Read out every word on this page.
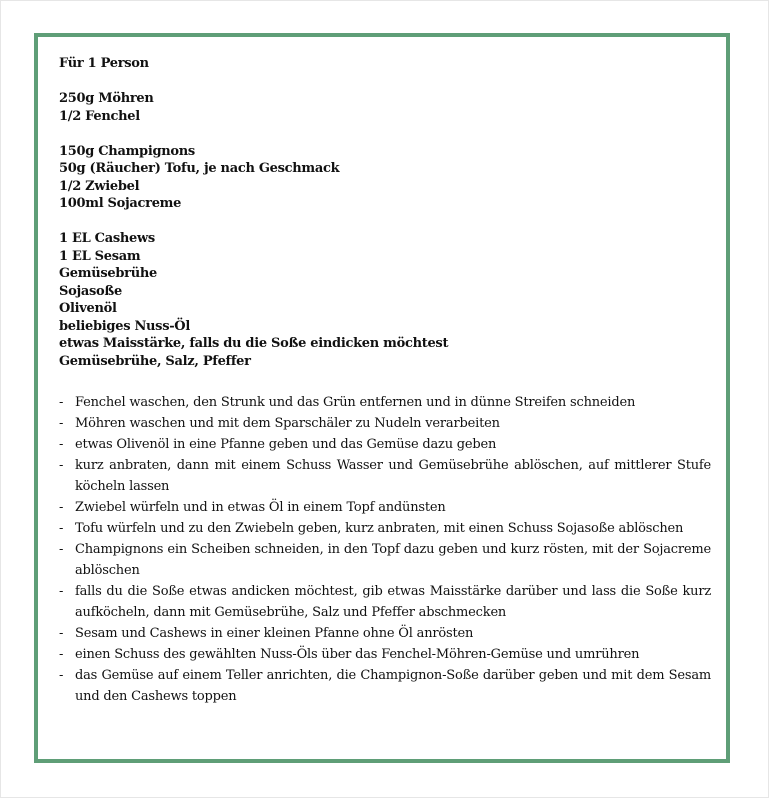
Für 1 Person
250g Möhren
1/2 Fenchel
150g Champignons
50g (Räucher) Tofu, je nach Geschmack
1/2 Zwiebel
100ml Sojacreme
1 EL Cashews
1 EL Sesam
Gemüsebrühe
Sojasoße
Olivenöl
beliebiges Nuss-Öl
etwas Maisstärke, falls du die Soße eindicken möchtest
Gemüsebrühe, Salz, Pfeffer
- Fenchel waschen, den Strunk und das Grün entfernen und in dünne Streifen schneiden
- Möhren waschen und mit dem Sparschäler zu Nudeln verarbeiten
- etwas Olivenöl in eine Pfanne geben und das Gemüse dazu geben
- kurz anbraten, dann mit einem Schuss Wasser und Gemüsebrühe ablöschen, auf mittlerer Stufe köcheln lassen
- Zwiebel würfeln und in etwas Öl in einem Topf andünsten
- Tofu würfeln und zu den Zwiebeln geben, kurz anbraten, mit einen Schuss Sojasoße ablöschen
- Champignons ein Scheiben schneiden, in den Topf dazu geben und kurz rösten, mit der Sojacreme ablöschen
- falls du die Soße etwas andicken möchtest, gib etwas Maisstärke darüber und lass die Soße kurz aufköcheln, dann mit Gemüsebrühe, Salz und Pfeffer abschmecken
- Sesam und Cashews in einer kleinen Pfanne ohne Öl anrösten
- einen Schuss des gewählten Nuss-Öls über das Fenchel-Möhren-Gemüse und umrühren
- das Gemüse auf einem Teller anrichten, die Champignon-Soße darüber geben und mit dem Sesam und den Cashews toppen
